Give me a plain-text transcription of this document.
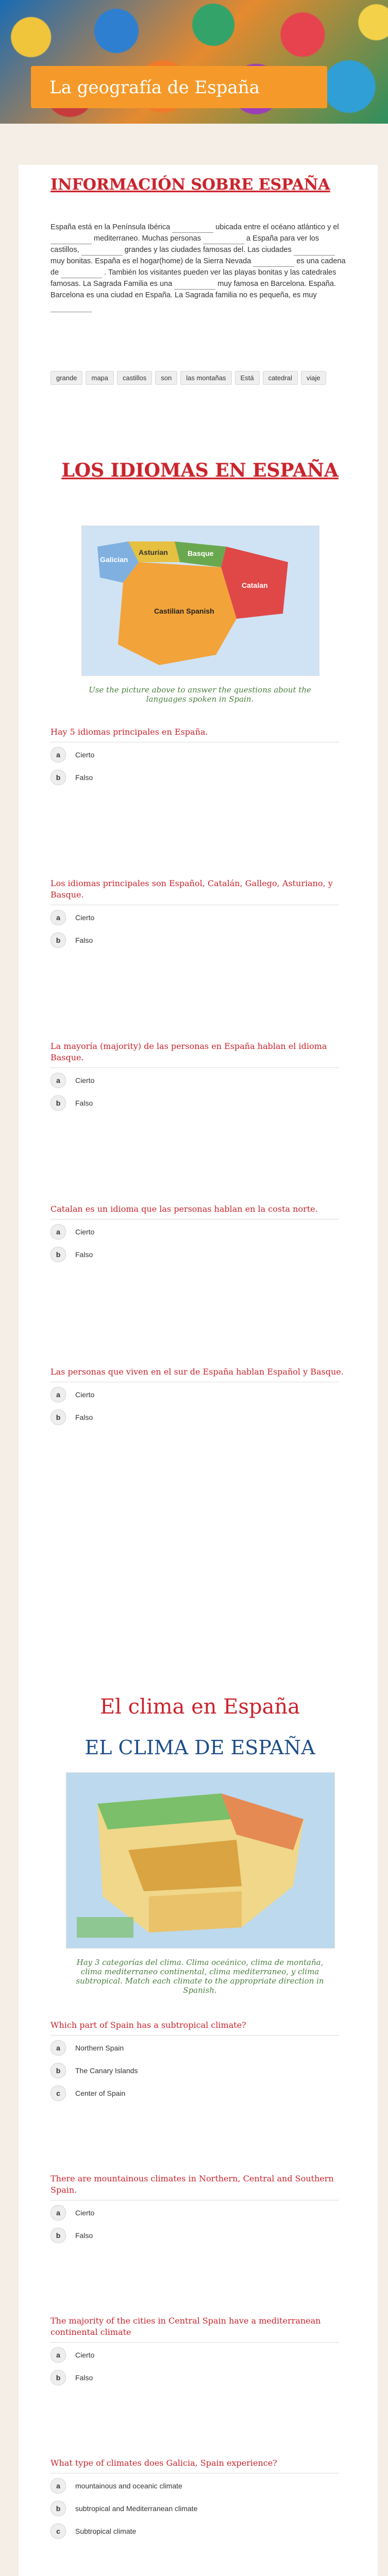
La geografía de España
INFORMACIÓN SOBRE ESPAÑA
España está en la Península Ibérica	ubicada entre el océano atlántico y el  mediterraneo. Muchas personas	a España para ver los castillos,	grandes y las ciudades famosas del. Las ciudades  muy bonitas. España es el hogar(home) de la Sierra Nevada	es una cadena de	. También los visitantes pueden ver las playas bonitas y las catedrales famosas. La Sagrada Familia es una	muy famosa en Barcelona. España. Barcelona es una ciudad en España. La Sagrada familia no es pequeña, es muy
grande	mapa	castillos	son	las montañas	Está	catedral	viaje
LOS IDIOMAS EN ESPAÑA
Galician
Asturian	Basque
Catalan
Castilian Spanish
Use the picture above to answer the questions about the languages spoken in Spain.
Hay 5 idiomas principales en España.
a	Cierto
b	Falso
Los idiomas principales son Español, Catalán, Gallego, Asturiano, y Basque.
a	Cierto
b	Falso
La mayoría (majority) de las personas en España hablan el idioma Basque.
a	Cierto
b	Falso
Catalan es un idioma que las personas hablan en la costa norte.
a	Cierto
b	Falso
Las personas que viven en el sur de España hablan Español y Basque.
a	Cierto
b	Falso
El clima en España
EL CLIMA DE ESPAÑA
Hay 3 categorías del clima. Clima oceánico, clima de montaña, clima mediterraneo continental, clima mediterraneo, y clima subtropical. Match each climate to the appropriate direction in Spanish.
Which part of Spain has a subtropical climate?
a	Northern Spain
b	The Canary Islands
c	Center of Spain
There are mountainous climates in Northern, Central and Southern Spain.
a	Cierto
b	Falso
The majority of the cities in Central Spain have a mediterranean continental climate
a	Cierto
b	Falso
What type of climates does Galicia, Spain experience?
a	mountainous and oceanic climate
b	subtropical and Mediterranean climate
c	Subtropical climate
